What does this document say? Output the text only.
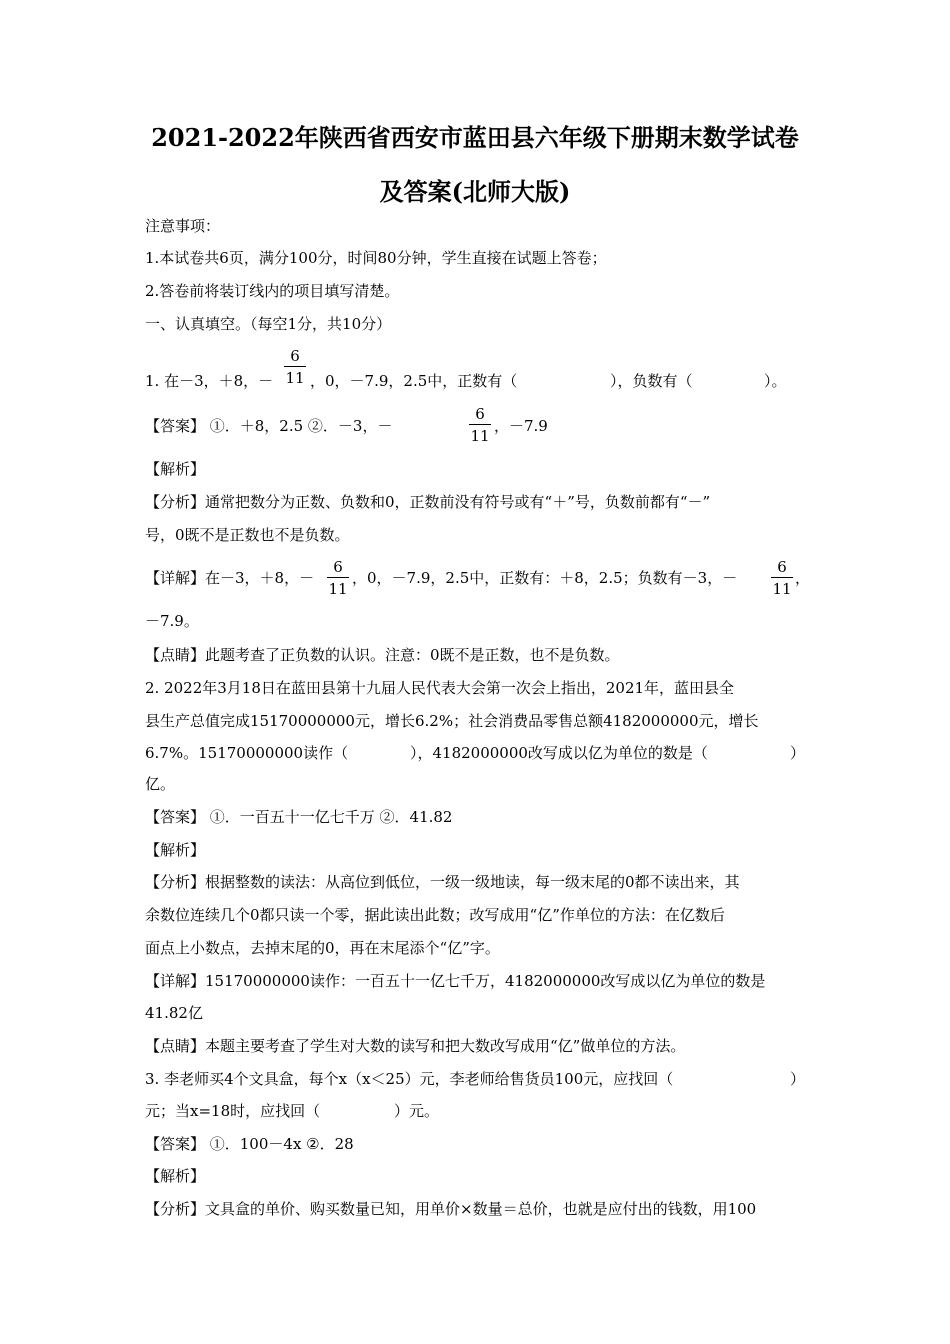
2021-2022年陕西省西安市蓝田县六年级下册期末数学试卷
及答案(北师大版)
注意事项：
1.本试卷共6页，满分100分，时间80分钟，学生直接在试题上答卷；
2.答卷前将装订线内的项目填写清楚。
一、认真填空。（每空1分，共10分）
1. 在－3，＋8，－
6
11 ，0，－7.9，2.5中，正数有（	），负数有（	）。
【答案】 ①．＋8，2.5 ②．－3，－
6
11
，－7.9
【解析】
【分析】通常把数分为正数、负数和0，正数前没有符号或有“＋”号，负数前都有“－”
号，0既不是正数也不是负数。
【详解】在－3，＋8，－
6
11
，0，－7.9，2.5中，正数有：＋8，2.5；负数有－3，－
6
11
，
－7.9。
【点睛】此题考查了正负数的认识。注意：0既不是正数，也不是负数。
2. 2022年3月18日在蓝田县第十九届人民代表大会第一次会上指出，2021年，蓝田县全
县生产总值完成15170000000元，增长6.2%；社会消费品零售总额4182000000元，增长
6.7%。15170000000读作（	），4182000000改写成以亿为单位的数是（	）
亿。
【答案】 ①．一百五十一亿七千万 ②．41.82
【解析】
【分析】根据整数的读法：从高位到低位，一级一级地读，每一级末尾的0都不读出来，其
余数位连续几个0都只读一个零，据此读出此数；改写成用“亿”作单位的方法：在亿数后
面点上小数点，去掉末尾的0，再在末尾添个“亿”字。
【详解】15170000000读作：一百五十一亿七千万，4182000000改写成以亿为单位的数是
41.82亿
【点睛】本题主要考查了学生对大数的读写和把大数改写成用“亿”做单位的方法。
3. 李老师买4个文具盒，每个x（x＜25）元，李老师给售货员100元，应找回（	）
元；当x=18时，应找回（	）元。
【答案】 ①．100－4x ②．28
【解析】
【分析】文具盒的单价、购买数量已知，用单价×数量＝总价，也就是应付出的钱数，用100
